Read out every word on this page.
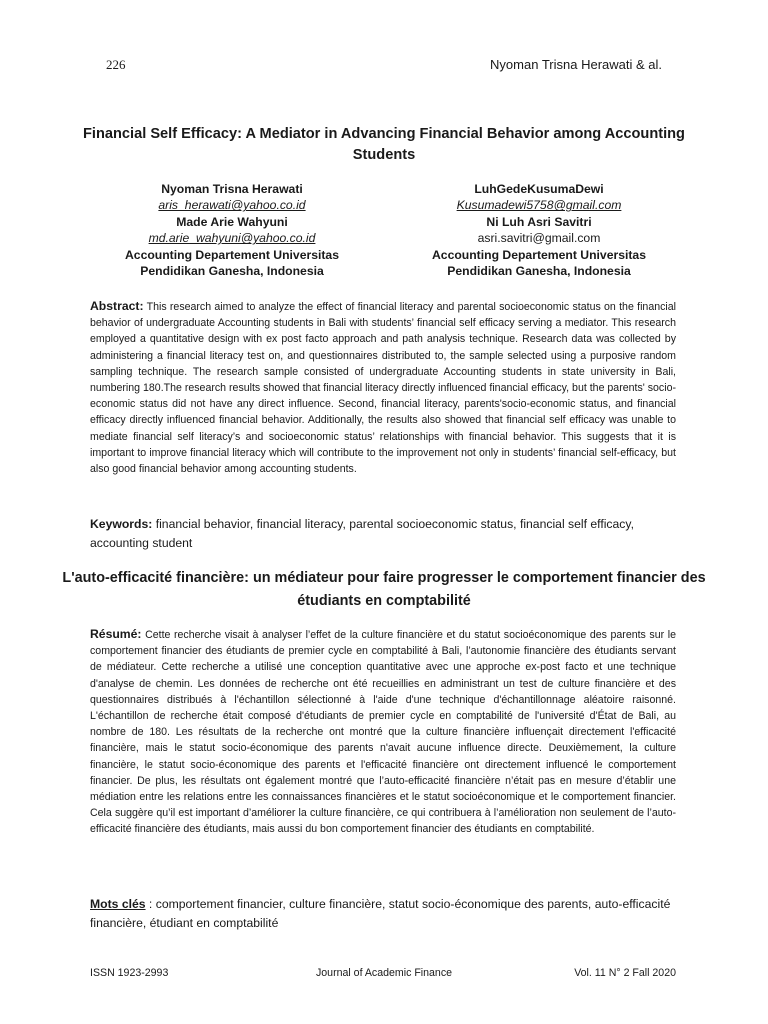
226	Nyoman Trisna Herawati & al.
Financial Self Efficacy: A Mediator in Advancing Financial Behavior among Accounting Students
Nyoman Trisna Herawati
aris_herawati@yahoo.co.id
Made Arie Wahyuni
md.arie_wahyuni@yahoo.co.id
Accounting Departement Universitas
Pendidikan Ganesha, Indonesia
LuhGedeKusumaDewi
Kusumadewi5758@gmail.com
Ni Luh Asri Savitri
asri.savitri@gmail.com
Accounting Departement Universitas
Pendidikan Ganesha, Indonesia
Abstract: This research aimed to analyze the effect of financial literacy and parental socioeconomic status on the financial behavior of undergraduate Accounting students in Bali with students’ financial self efficacy serving a mediator. This research employed a quantitative design with ex post facto approach and path analysis technique. Research data was collected by administering a financial literacy test on, and questionnaires distributed to, the sample selected using a purposive random sampling technique. The research sample consisted of undergraduate Accounting students in state university in Bali, numbering 180.The research results showed that financial literacy directly influenced financial efficacy, but the parents' socio-economic status did not have any direct influence. Second, financial literacy, parents'socio-economic status, and financial efficacy directly influenced financial behavior. Additionally, the results also showed that financial self efficacy was unable to mediate financial self literacy’s and socioeconomic status’ relationships with financial behavior. This suggests that it is important to improve financial literacy which will contribute to the improvement not only in students’ financial self-efficacy, but also good financial behavior among accounting students.
Keywords: financial behavior, financial literacy, parental socioeconomic status, financial self efficacy, accounting student
L'auto-efficacité financière: un médiateur pour faire progresser le comportement financier des étudiants en comptabilité
Résumé: Cette recherche visait à analyser l’effet de la culture financière et du statut socioéconomique des parents sur le comportement financier des étudiants de premier cycle en comptabilité à Bali, l’autonomie financière des étudiants servant de médiateur. Cette recherche a utilisé une conception quantitative avec une approche ex-post facto et une technique d'analyse de chemin. Les données de recherche ont été recueillies en administrant un test de culture financière et des questionnaires distribués à l'échantillon sélectionné à l'aide d'une technique d'échantillonnage aléatoire raisonné. L'échantillon de recherche était composé d'étudiants de premier cycle en comptabilité de l'université d'État de Bali, au nombre de 180. Les résultats de la recherche ont montré que la culture financière influençait directement l'efficacité financière, mais le statut socio-économique des parents n'avait aucune influence directe. Deuxièmement, la culture financière, le statut socio-économique des parents et l'efficacité financière ont directement influencé le comportement financier. De plus, les résultats ont également montré que l’auto-efficacité financière n’était pas en mesure d’établir une médiation entre les relations entre les connaissances financières et le statut socioéconomique et le comportement financier. Cela suggère qu’il est important d’améliorer la culture financière, ce qui contribuera à l’amélioration non seulement de l’auto-efficacité financière des étudiants, mais aussi du bon comportement financier des étudiants en comptabilité.
Mots clés : comportement financier, culture financière, statut socio-économique des parents, auto-efficacité financière, étudiant en comptabilité
ISSN 1923-2993	Journal of Academic Finance	Vol. 11 N° 2 Fall 2020
